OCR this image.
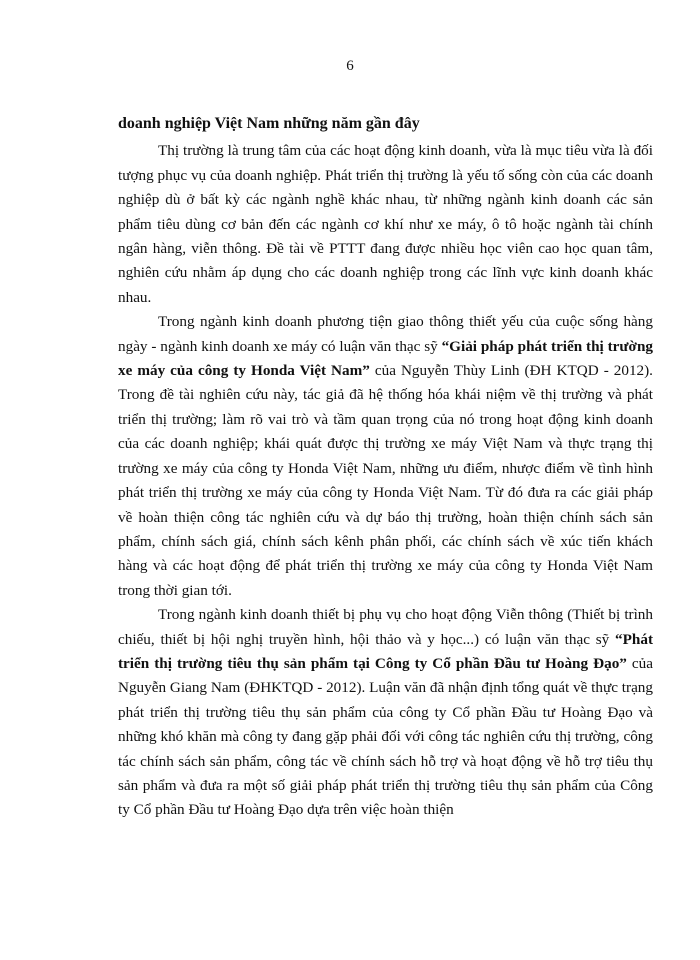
6
doanh nghiệp Việt Nam những năm gần đây

Thị trường là trung tâm của các hoạt động kinh doanh, vừa là mục tiêu vừa là đối tượng phục vụ của doanh nghiệp. Phát triển thị trường là yếu tố sống còn của các doanh nghiệp dù ở bất kỳ các ngành nghề khác nhau, từ những ngành kinh doanh các sản phẩm tiêu dùng cơ bản đến các ngành cơ khí như xe máy, ô tô hoặc ngành tài chính ngân hàng, viễn thông. Đề tài về PTTT đang được nhiều học viên cao học quan tâm, nghiên cứu nhằm áp dụng cho các doanh nghiệp trong các lĩnh vực kinh doanh khác nhau.

Trong ngành kinh doanh phương tiện giao thông thiết yếu của cuộc sống hàng ngày - ngành kinh doanh xe máy có luận văn thạc sỹ “Giải pháp phát triển thị trường xe máy của công ty Honda Việt Nam” của Nguyễn Thùy Linh (ĐH KTQD - 2012). Trong đề tài nghiên cứu này, tác giả đã hệ thống hóa khái niệm về thị trường và phát triển thị trường; làm rõ vai trò và tầm quan trọng của nó trong hoạt động kinh doanh của các doanh nghiệp; khái quát được thị trường xe máy Việt Nam và thực trạng thị trường xe máy của công ty Honda Việt Nam, những ưu điểm, nhược điểm về tình hình phát triển thị trường xe máy của công ty Honda Việt Nam. Từ đó đưa ra các giải pháp về hoàn thiện công tác nghiên cứu và dự báo thị trường, hoàn thiện chính sách sản phẩm, chính sách giá, chính sách kênh phân phối, các chính sách về xúc tiến khách hàng và các hoạt động để phát triển thị trường xe máy của công ty Honda Việt Nam trong thời gian tới.

Trong ngành kinh doanh thiết bị phụ vụ cho hoạt động Viễn thông (Thiết bị trình chiếu, thiết bị hội nghị truyền hình, hội thảo và y học...) có luận văn thạc sỹ “Phát triển thị trường tiêu thụ sản phẩm tại Công ty Cổ phần Đầu tư Hoàng Đạo” của Nguyễn Giang Nam (ĐHKTQD - 2012). Luận văn đã nhận định tổng quát về thực trạng phát triển thị trường tiêu thụ sản phẩm của công ty Cổ phần Đầu tư Hoàng Đạo và những khó khăn mà công ty đang gặp phải đối với công tác nghiên cứu thị trường, công tác chính sách sản phẩm, công tác về chính sách hỗ trợ và hoạt động về hỗ trợ tiêu thụ sản phẩm và đưa ra một số giải pháp phát triển thị trường tiêu thụ sản phẩm của Công ty Cổ phần Đầu tư Hoàng Đạo dựa trên việc hoàn thiện
